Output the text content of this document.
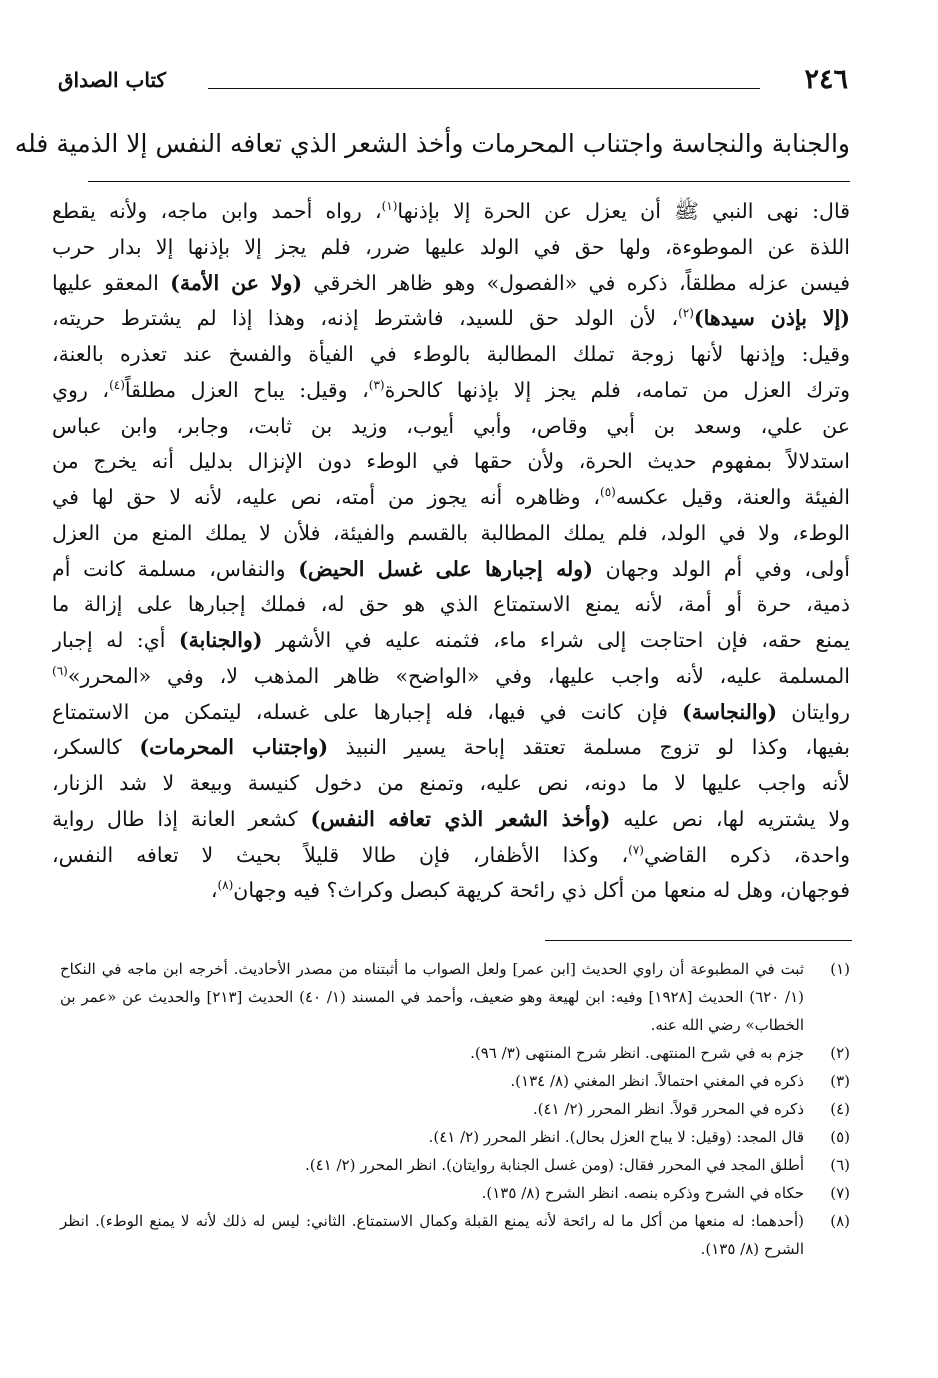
٢٤٦
كتاب الصداق
والجنابة والنجاسة واجتناب المحرمات وأخذ الشعر الذي تعافه النفس إلا الذمية فله
قال: نهى النبي ﷺ أن يعزل عن الحرة إلا بإذنها$^{(١)}$، رواه أحمد وابن ماجه، ولأنه يقطع
اللذة عن الموطوءة، ولها حق في الولد عليها ضرر، فلم يجز إلا بإذنها إلا بدار حرب
فيسن عزله مطلقاً، ذكره في «الفصول» وهو ظاهر الخرقي (ولا عن الأمة) المعقو عليها
(إلا بإذن سيدها)$^{(٢)}$، لأن الولد حق للسيد، فاشترط إذنه، وهذا إذا لم يشترط حريته،
وقيل: وإذنها لأنها زوجة تملك المطالبة بالوطء في الفيأة والفسخ عند تعذره بالعنة،
وترك العزل من تمامه، فلم يجز إلا بإذنها كالحرة$^{(٣)}$، وقيل: يباح العزل مطلقاً$^{(٤)}$، روي
عن علي، وسعد بن أبي وقاص، وأبي أيوب، وزيد بن ثابت، وجابر، وابن عباس
استدلالاً بمفهوم حديث الحرة، ولأن حقها في الوطء دون الإنزال بدليل أنه يخرج من
الفيئة والعنة، وقيل عكسه$^{(٥)}$، وظاهره أنه يجوز من أمته، نص عليه، لأنه لا حق لها في
الوطء، ولا في الولد، فلم يملك المطالبة بالقسم والفيئة، فلأن لا يملك المنع من العزل
أولى، وفي أم الولد وجهان (وله إجبارها على غسل الحيض) والنفاس، مسلمة كانت أم
ذمية، حرة أو أمة، لأنه يمنع الاستمتاع الذي هو حق له، فملك إجبارها على إزالة ما
يمنع حقه، فإن احتاجت إلى شراء ماء، فثمنه عليه في الأشهر (والجنابة) أي: له إجبار
المسلمة عليه، لأنه واجب عليها، وفي «الواضح» ظاهر المذهب لا، وفي «المحرر»$^{(٦)}$
روايتان (والنجاسة) فإن كانت في فيها، فله إجبارها على غسله، ليتمكن من الاستمتاع
بفيها، وكذا لو تزوج مسلمة تعتقد إباحة يسير النبيذ (واجتناب المحرمات) كالسكر،
لأنه واجب عليها لا ما دونه، نص عليه، وتمنع من دخول كنيسة وبيعة لا شد الزنار،
ولا يشتريه لها، نص عليه (وأخذ الشعر الذي تعافه النفس) كشعر العانة إذا طال رواية
واحدة، ذكره القاضي$^{(٧)}$، وكذا الأظفار، فإن طالا قليلاً بحيث لا تعافه النفس،
فوجهان، وهل له منعها من أكل ذي رائحة كريهة كبصل وكراث؟ فيه وجهان$^{(٨)}$،
(١)
ثبت في المطبوعة أن راوي الحديث [ابن عمر] ولعل الصواب ما أثبتناه من مصدر الأحاديث. أخرجه ابن ماجه في النكاح (١/ ٦٢٠) الحديث [١٩٢٨] وفيه: ابن لهيعة وهو ضعيف، وأحمد في المسند (١/ ٤٠) الحديث [٢١٣] والحديث عن «عمر بن الخطاب» رضي الله عنه.
(٢)
جزم به في شرح المنتهى. انظر شرح المنتهى (٣/ ٩٦).
(٣)
ذكره في المغني احتمالاً. انظر المغني (٨/ ١٣٤).
(٤)
ذكره في المحرر قولاً. انظر المحرر (٢/ ٤١).
(٥)
قال المجد: (وقيل: لا يباح العزل بحال). انظر المحرر (٢/ ٤١).
(٦)
أطلق المجد في المحرر فقال: (ومن غسل الجنابة روايتان). انظر المحرر (٢/ ٤١).
(٧)
حكاه في الشرح وذكره بنصه. انظر الشرح (٨/ ١٣٥).
(٨)
(أحدهما: له منعها من أكل ما له رائحة لأنه يمنع القبلة وكمال الاستمتاع. الثاني: ليس له ذلك لأنه لا يمنع الوطء). انظر الشرح (٨/ ١٣٥).
